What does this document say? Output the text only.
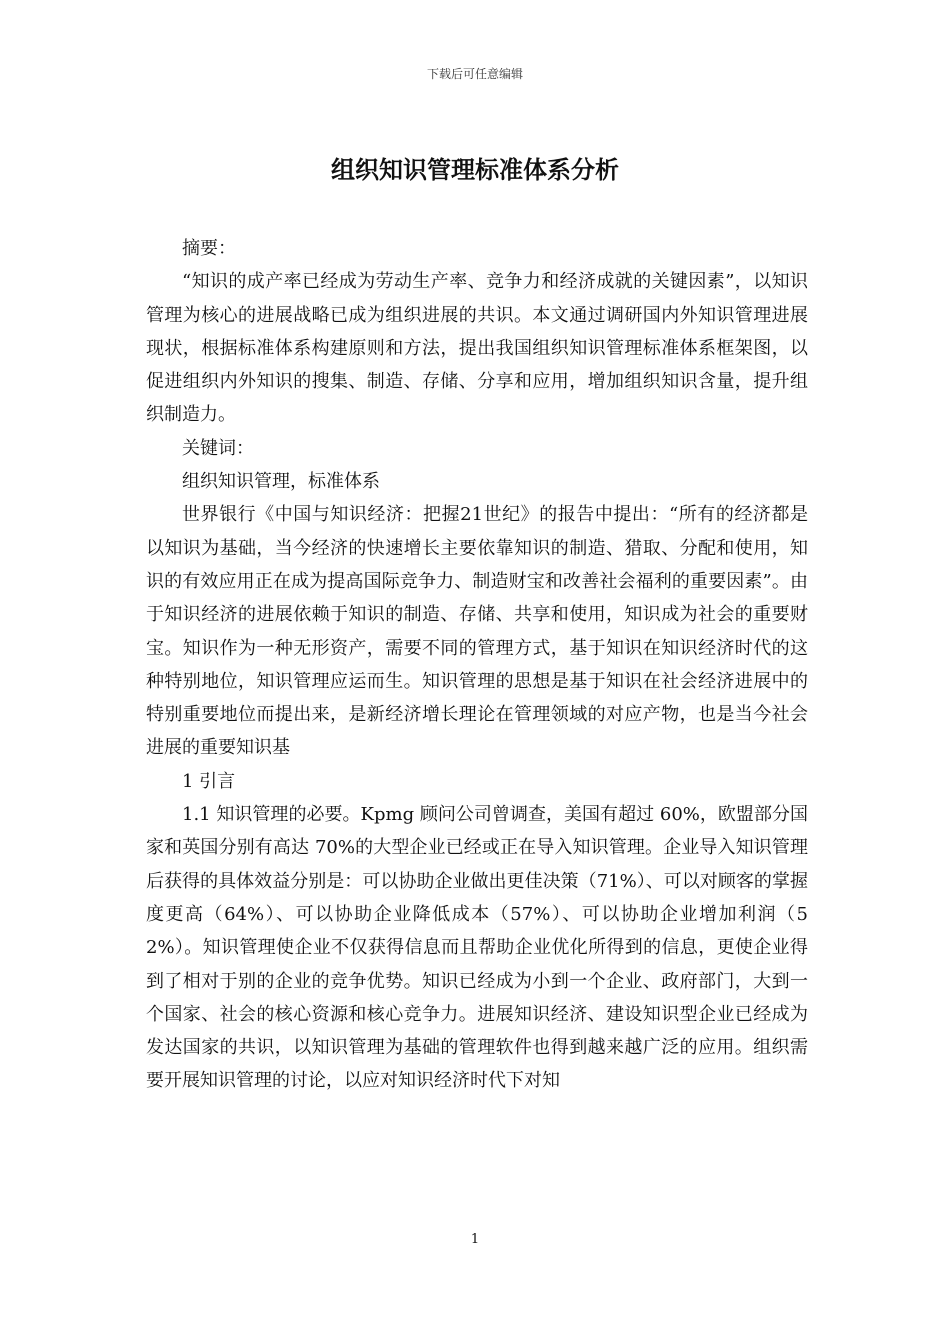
下载后可任意编辑
组织知识管理标准体系分析

摘要：

“知识的成产率已经成为劳动生产率、竞争力和经济成就的关键因素”，以知识管理为核心的进展战略已成为组织进展的共识。本文通过调研国内外知识管理进展现状，根据标准体系构建原则和方法，提出我国组织知识管理标准体系框架图，以促进组织内外知识的搜集、制造、存储、分享和应用，增加组织知识含量，提升组织制造力。

关键词：

组织知识管理，标准体系

世界银行《中国与知识经济：把握21世纪》的报告中提出：“所有的经济都是以知识为基础，当今经济的快速增长主要依靠知识的制造、猎取、分配和使用，知识的有效应用正在成为提高国际竞争力、制造财宝和改善社会福利的重要因素”。由于知识经济的进展依赖于知识的制造、存储、共享和使用，知识成为社会的重要财宝。知识作为一种无形资产，需要不同的管理方式，基于知识在知识经济时代的这种特别地位，知识管理应运而生。知识管理的思想是基于知识在社会经济进展中的特别重要地位而提出来，是新经济增长理论在管理领域的对应产物，也是当今社会进展的重要知识基

1 引言

1.1 知识管理的必要。Kpmg 顾问公司曾调查，美国有超过 60%，欧盟部分国家和英国分别有高达 70%的大型企业已经或正在导入知识管理。企业导入知识管理后获得的具体效益分别是：可以协助企业做出更佳决策（71%）、可以对顾客的掌握度更高（64%）、可以协助企业降低成本（57%）、可以协助企业增加利润（52%）。知识管理使企业不仅获得信息而且帮助企业优化所得到的信息，更使企业得到了相对于别的企业的竞争优势。知识已经成为小到一个企业、政府部门，大到一个国家、社会的核心资源和核心竞争力。进展知识经济、建设知识型企业已经成为发达国家的共识，以知识管理为基础的管理软件也得到越来越广泛的应用。组织需要开展知识管理的讨论，以应对知识经济时代下对知

1
